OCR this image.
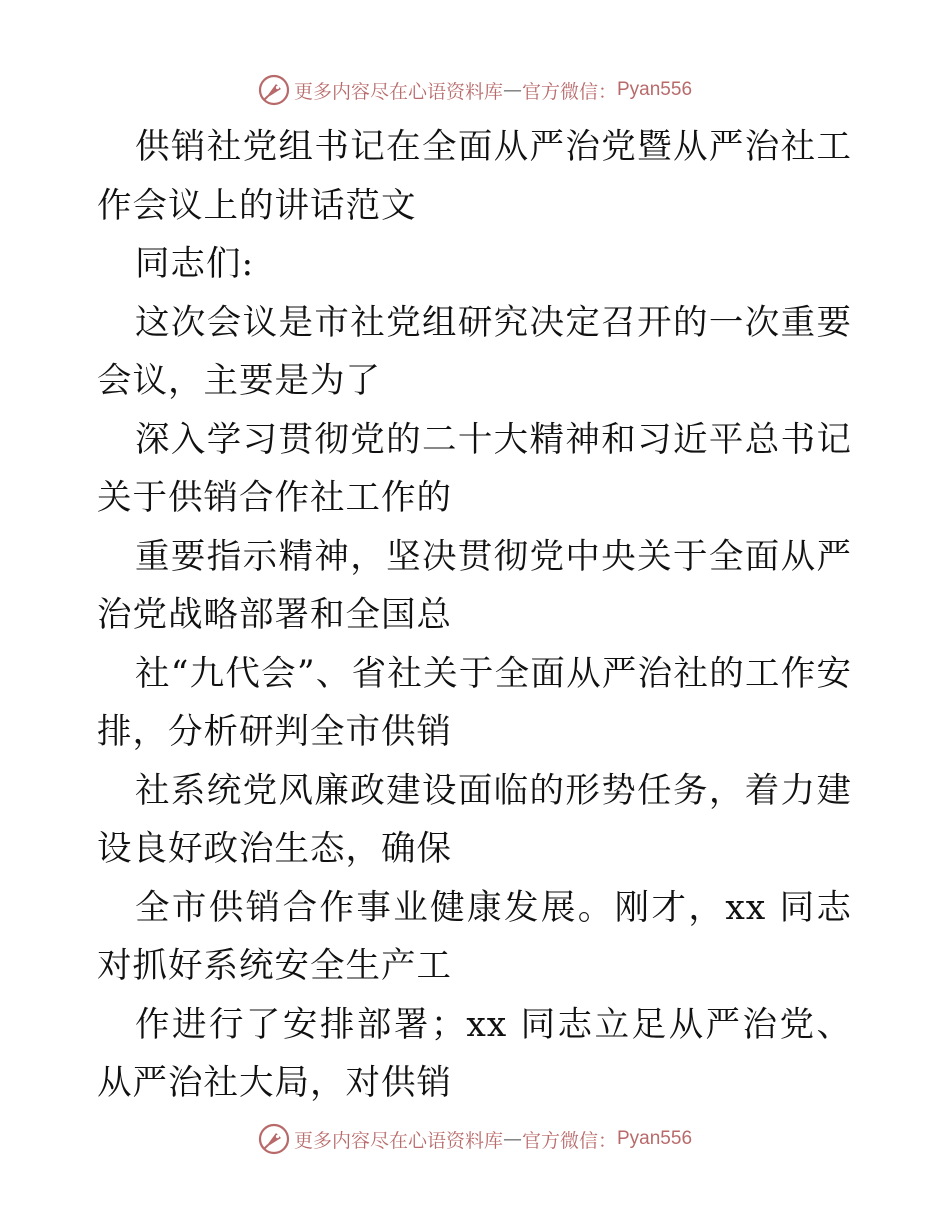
更多内容尽在心语资料库 — 官方微信： Pyan556

供销社党组书记在全面从严治党暨从严治社工作会议上的讲话范文

同志们:

这次会议是市社党组研究决定召开的一次重要会议，主要是为了

深入学习贯彻党的二十大精神和习近平总书记关于供销合作社工作的

重要指示精神，坚决贯彻党中央关于全面从严治党战略部署和全国总

社“九代会”、省社关于全面从严治社的工作安排，分析研判全市供销

社系统党风廉政建设面临的形势任务，着力建设良好政治生态，确保

全市供销合作事业健康发展。刚才，xx 同志对抓好系统安全生产工

作进行了安排部署；xx 同志立足从严治党、从严治社大局，对供销

更多内容尽在心语资料库 — 官方微信： Pyan556
